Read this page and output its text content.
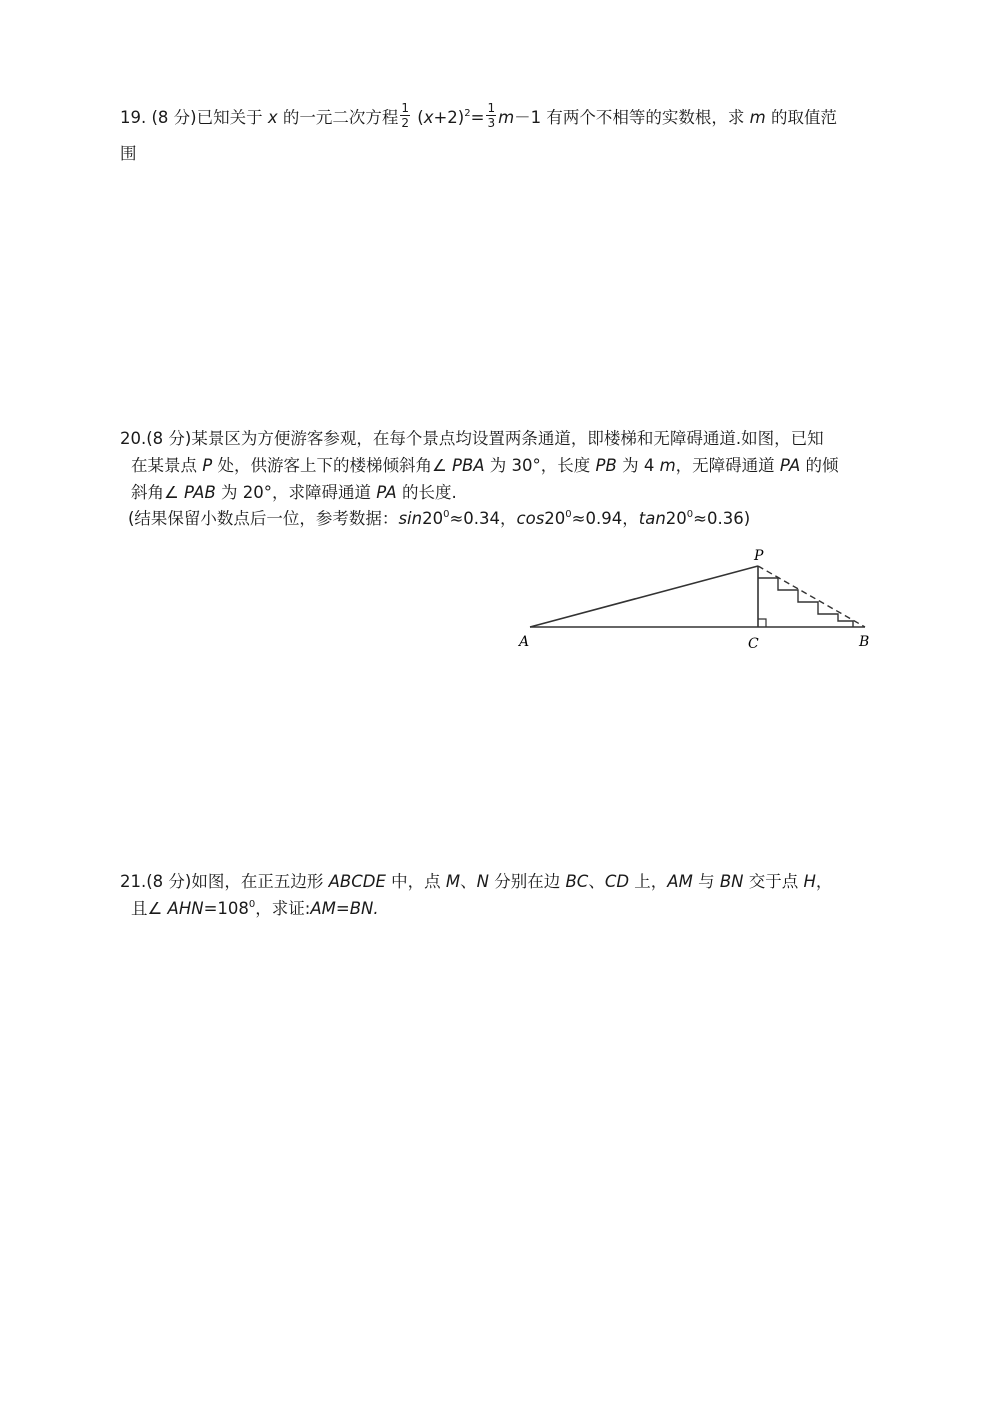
19. (8 分)已知关于 x 的一元二次方程 $\frac{1}{2} (x+2)^2= \frac{1}{3} m-1$ 有两个不相等的实数根，求 m 的取值范
围
20.(8 分)某景区为方便游客参观，在每个景点均设置两条通道，即楼梯和无障碍通道.如图，已知
在某景点 P 处，供游客上下的楼梯倾斜角∠ PBA 为 30°，长度 PB 为 4 m，无障碍通道 PA 的倾
斜角∠ PAB 为 20°，求障碍通道 PA 的长度.
(结果保留小数点后一位，参考数据：$\sin 20^0\approx 0.34$，$\cos 20^0\approx 0.94$，$\tan 20^0\approx 0.36$)
P
A	C	B
21.(8 分)如图，在正五边形 ABCDE 中，点 M、N 分别在边 BC、CD 上，AM 与 BN 交于点 H，
且∠ $AHN=108^0$，求证:AM=BN.
